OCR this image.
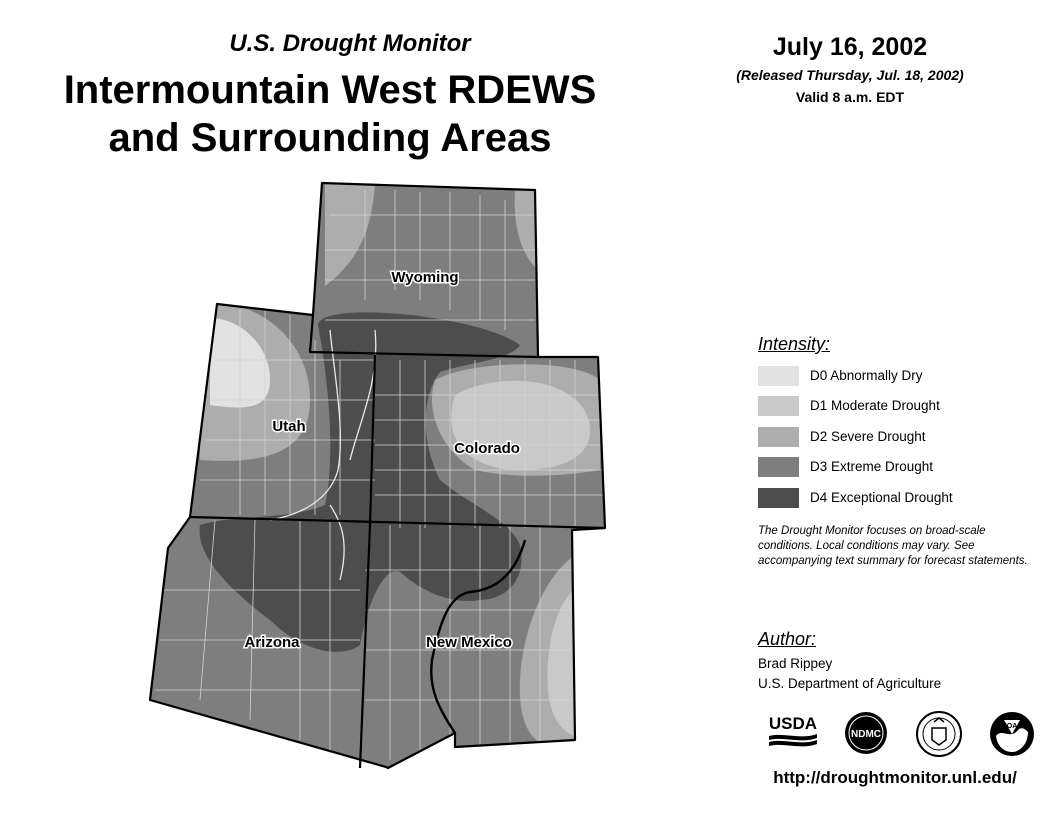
U.S. Drought Monitor
Intermountain West RDEWS
and Surrounding Areas
July 16, 2002
(Released Thursday, Jul. 18, 2002)
Valid 8 a.m. EDT
Wyoming
Utah
Colorado
Arizona	New Mexico
Intensity:
D0 Abnormally Dry
D1 Moderate Drought
D2 Severe Drought
D3 Extreme Drought
D4 Exceptional Drought
The Drought Monitor focuses on broad-scale conditions. Local conditions may vary. See accompanying text summary for forecast statements.
Author:
Brad Rippey
U.S. Department of Agriculture
USDA
NDMC
NOAA
http://droughtmonitor.unl.edu/
